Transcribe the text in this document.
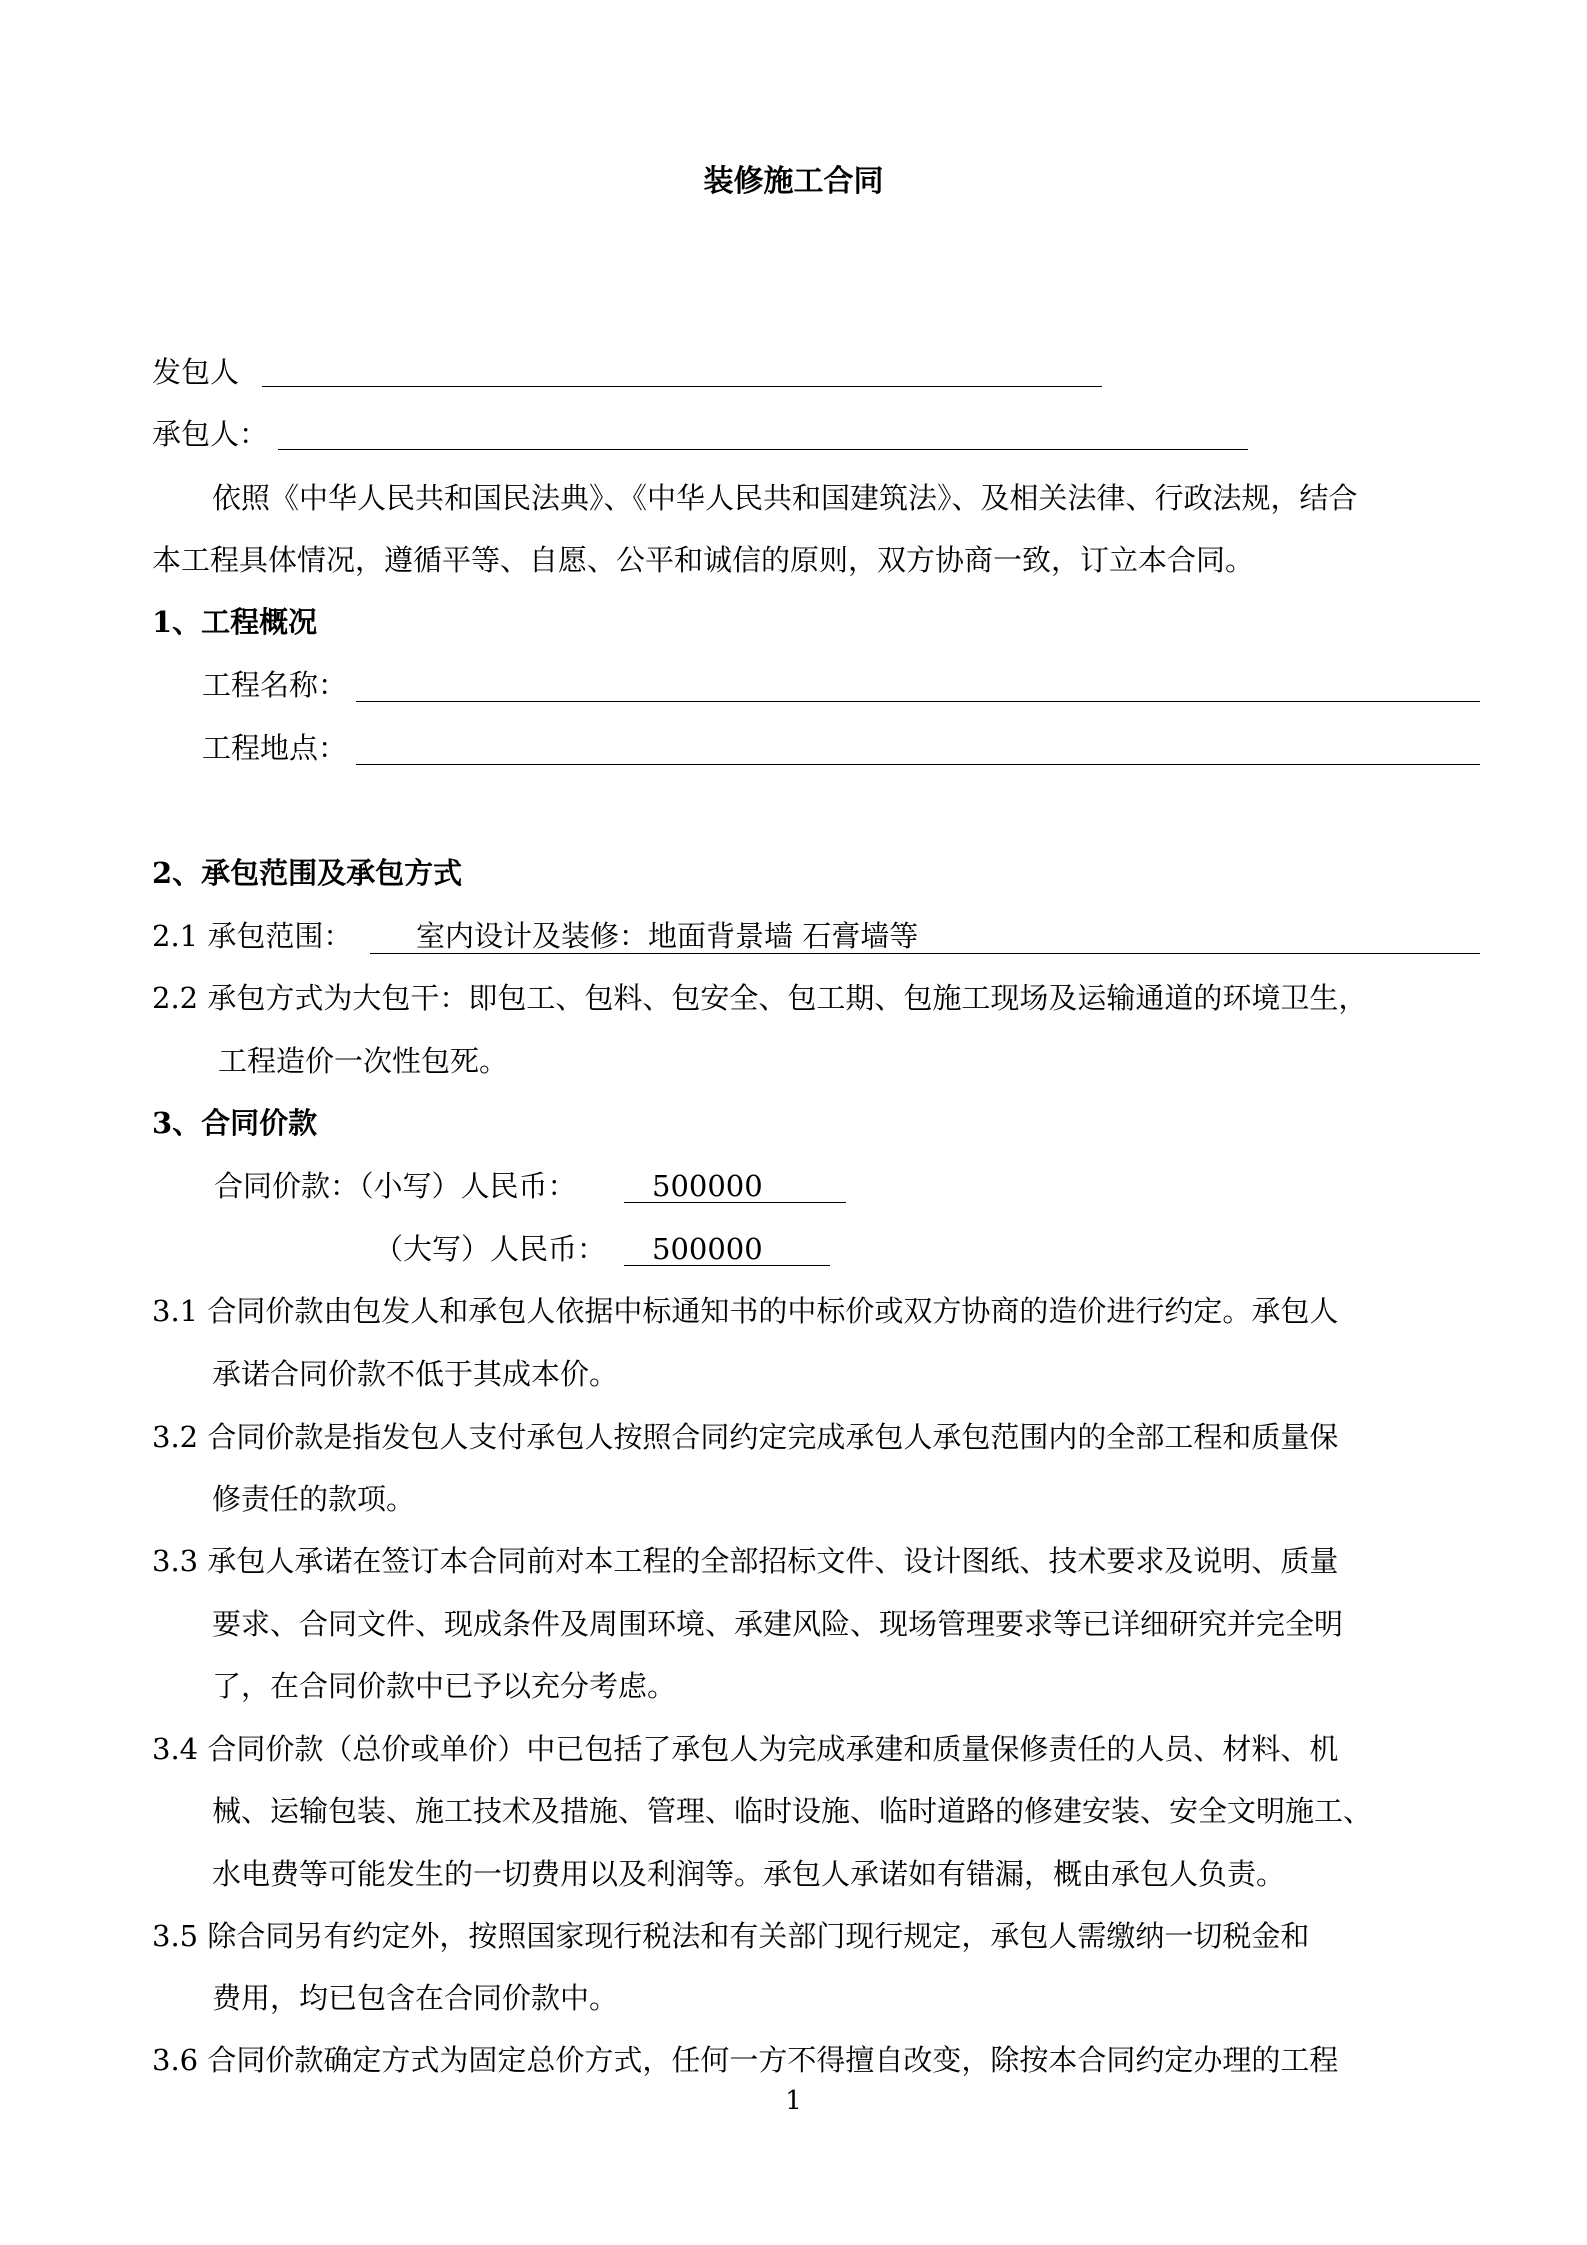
装修施工合同
发包人
承包人：
依照《中华人民共和国民法典》、《中华人民共和国建筑法》、及相关法律、行政法规，结合
本工程具体情况，遵循平等、自愿、公平和诚信的原则，双方协商一致，订立本合同。
1、工程概况
工程名称：
工程地点：
2、承包范围及承包方式
2.1 承包范围： 室内设计及装修：地面背景墙 石膏墙等
2.2 承包方式为大包干：即包工、包料、包安全、包工期、包施工现场及运输通道的环境卫生，
工程造价一次性包死。
3、合同价款
合同价款：（小写）人民币：	500000
（大写）人民币： 500000
3.1 合同价款由包发人和承包人依据中标通知书的中标价或双方协商的造价进行约定。承包人
承诺合同价款不低于其成本价。
3.2 合同价款是指发包人支付承包人按照合同约定完成承包人承包范围内的全部工程和质量保
修责任的款项。
3.3 承包人承诺在签订本合同前对本工程的全部招标文件、设计图纸、技术要求及说明、质量
要求、合同文件、现成条件及周围环境、承建风险、现场管理要求等已详细研究并完全明
了，在合同价款中已予以充分考虑。
3.4 合同价款（总价或单价）中已包括了承包人为完成承建和质量保修责任的人员、材料、机
械、运输包装、施工技术及措施、管理、临时设施、临时道路的修建安装、安全文明施工、
水电费等可能发生的一切费用以及利润等。承包人承诺如有错漏，概由承包人负责。
3.5 除合同另有约定外，按照国家现行税法和有关部门现行规定，承包人需缴纳一切税金和
费用，均已包含在合同价款中。
3.6 合同价款确定方式为固定总价方式，任何一方不得擅自改变，除按本合同约定办理的工程
1
